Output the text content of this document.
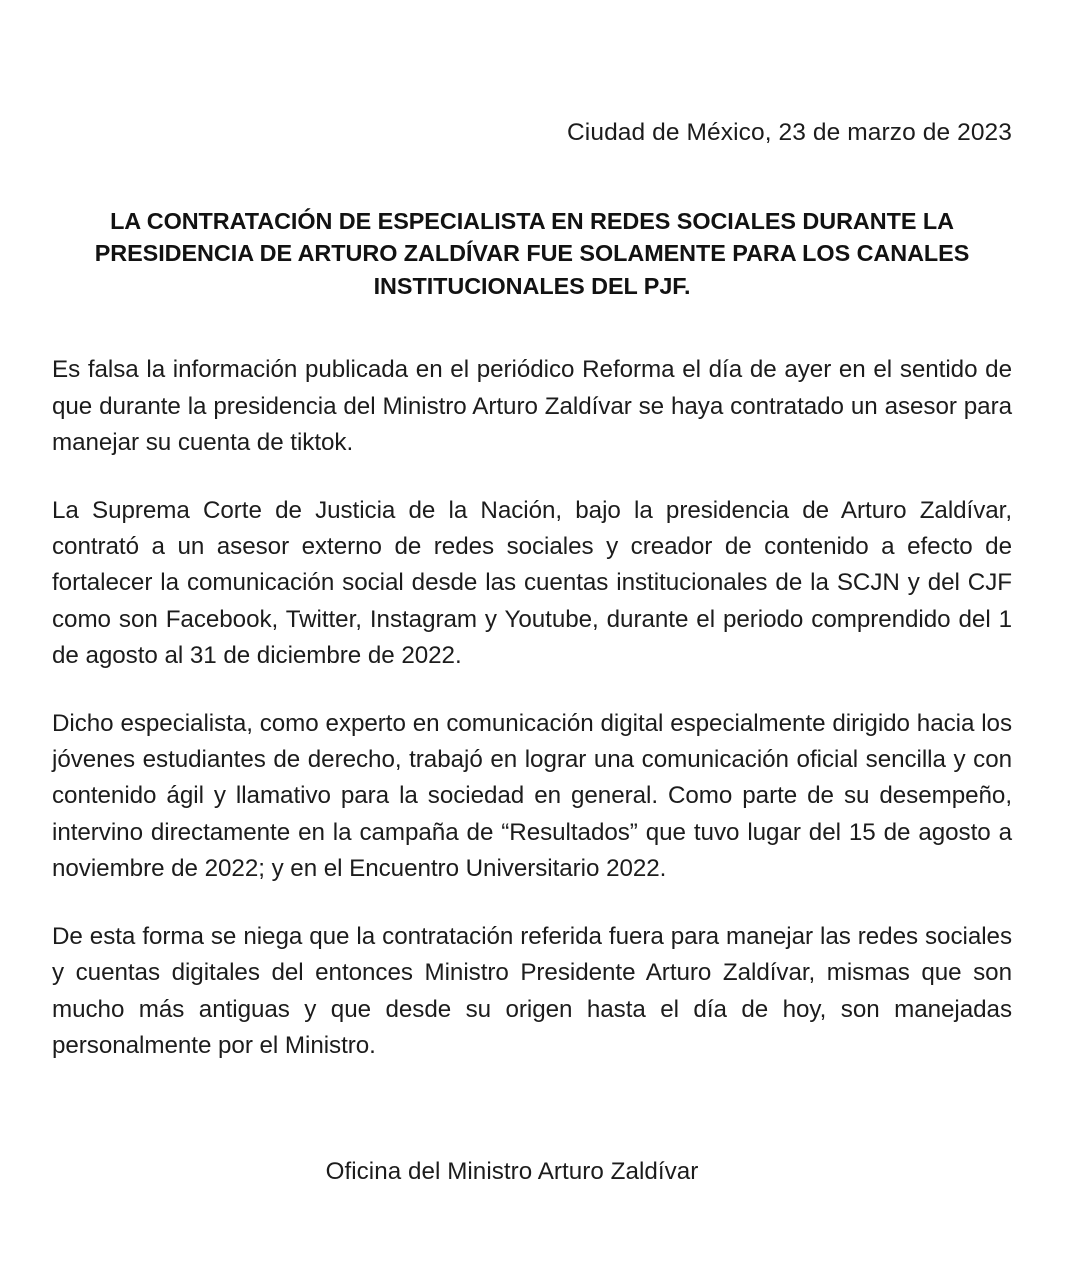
Ciudad de México, 23 de marzo de 2023
LA CONTRATACIÓN DE ESPECIALISTA EN REDES SOCIALES DURANTE LA PRESIDENCIA DE ARTURO ZALDÍVAR FUE SOLAMENTE PARA LOS CANALES INSTITUCIONALES DEL PJF.

Es falsa la información publicada en el periódico Reforma el día de ayer en el sentido de que durante la presidencia del Ministro Arturo Zaldívar se haya contratado un asesor para manejar su cuenta de tiktok.

La Suprema Corte de Justicia de la Nación, bajo la presidencia de Arturo Zaldívar, contrató a un asesor externo de redes sociales y creador de contenido a efecto de fortalecer la comunicación social desde las cuentas institucionales de la SCJN y del CJF como son Facebook, Twitter, Instagram y Youtube, durante el periodo comprendido del 1 de agosto al 31 de diciembre de 2022.

Dicho especialista, como experto en comunicación digital especialmente dirigido hacia los jóvenes estudiantes de derecho, trabajó en lograr una comunicación oficial sencilla y con contenido ágil y llamativo para la sociedad en general. Como parte de su desempeño, intervino directamente en la campaña de “Resultados” que tuvo lugar del 15 de agosto a noviembre de 2022; y en el Encuentro Universitario 2022.

De esta forma se niega que la contratación referida fuera para manejar las redes sociales y cuentas digitales del entonces Ministro Presidente Arturo Zaldívar, mismas que son mucho más antiguas y que desde su origen hasta el día de hoy, son manejadas personalmente por el Ministro.

Oficina del Ministro Arturo Zaldívar
